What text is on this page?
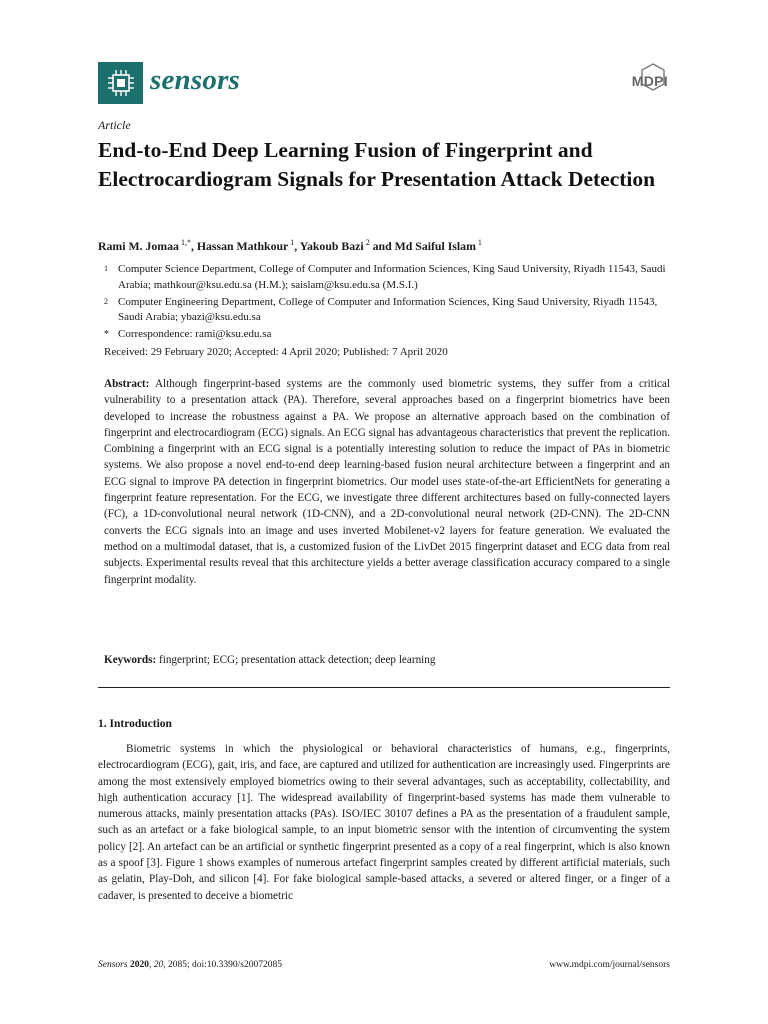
sensors	MDPI
Article
End-to-End Deep Learning Fusion of Fingerprint and Electrocardiogram Signals for Presentation Attack Detection
Rami M. Jomaa $^{1,*}$, Hassan Mathkour $^1$, Yakoub Bazi $^2$ and Md Saiful Islam $^1$
1 Computer Science Department, College of Computer and Information Sciences, King Saud University, Riyadh 11543, Saudi Arabia; mathkour@ksu.edu.sa (H.M.); saislam@ksu.edu.sa (M.S.I.)
2 Computer Engineering Department, College of Computer and Information Sciences, King Saud University, Riyadh 11543, Saudi Arabia; ybazi@ksu.edu.sa
* Correspondence: rami@ksu.edu.sa
Received: 29 February 2020; Accepted: 4 April 2020; Published: 7 April 2020
Abstract: Although fingerprint-based systems are the commonly used biometric systems, they suffer from a critical vulnerability to a presentation attack (PA). Therefore, several approaches based on a fingerprint biometrics have been developed to increase the robustness against a PA. We propose an alternative approach based on the combination of fingerprint and electrocardiogram (ECG) signals. An ECG signal has advantageous characteristics that prevent the replication. Combining a fingerprint with an ECG signal is a potentially interesting solution to reduce the impact of PAs in biometric systems. We also propose a novel end-to-end deep learning-based fusion neural architecture between a fingerprint and an ECG signal to improve PA detection in fingerprint biometrics. Our model uses state-of-the-art EfficientNets for generating a fingerprint feature representation. For the ECG, we investigate three different architectures based on fully-connected layers (FC), a 1D-convolutional neural network (1D-CNN), and a 2D-convolutional neural network (2D-CNN). The 2D-CNN converts the ECG signals into an image and uses inverted Mobilenet-v2 layers for feature generation. We evaluated the method on a multimodal dataset, that is, a customized fusion of the LivDet 2015 fingerprint dataset and ECG data from real subjects. Experimental results reveal that this architecture yields a better average classification accuracy compared to a single fingerprint modality.
Keywords: fingerprint; ECG; presentation attack detection; deep learning
1. Introduction
Biometric systems in which the physiological or behavioral characteristics of humans, e.g., fingerprints, electrocardiogram (ECG), gait, iris, and face, are captured and utilized for authentication are increasingly used. Fingerprints are among the most extensively employed biometrics owing to their several advantages, such as acceptability, collectability, and high authentication accuracy [1]. The widespread availability of fingerprint-based systems has made them vulnerable to numerous attacks, mainly presentation attacks (PAs). ISO/IEC 30107 defines a PA as the presentation of a fraudulent sample, such as an artefact or a fake biological sample, to an input biometric sensor with the intention of circumventing the system policy [2]. An artefact can be an artificial or synthetic fingerprint presented as a copy of a real fingerprint, which is also known as a spoof [3]. Figure 1 shows examples of numerous artefact fingerprint samples created by different artificial materials, such as gelatin, Play-Doh, and silicon [4]. For fake biological sample-based attacks, a severed or altered finger, or a finger of a cadaver, is presented to deceive a biometric
Sensors 2020, 20, 2085; doi:10.3390/s20072085	www.mdpi.com/journal/sensors
